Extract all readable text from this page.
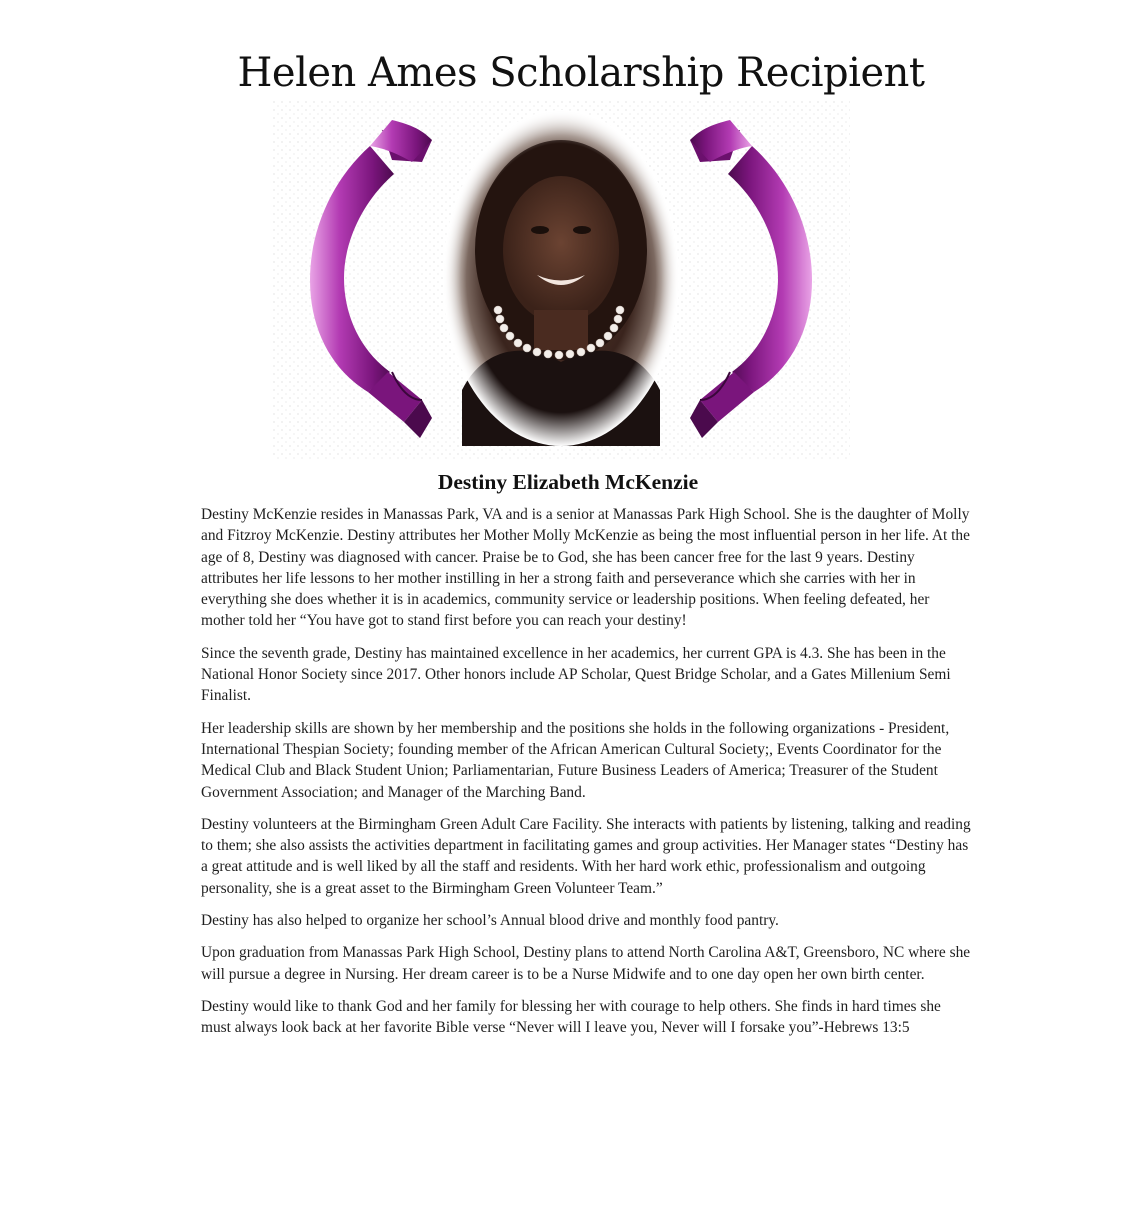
Helen Ames Scholarship Recipient
Destiny Elizabeth McKenzie

Destiny McKenzie resides in Manassas Park, VA and is a senior at Manassas Park High School. She is the daughter of Molly and Fitzroy McKenzie. Destiny attributes her Mother Molly McKenzie as being the most influential person in her life. At the age of 8, Destiny was diagnosed with cancer. Praise be to God, she has been cancer free for the last 9 years. Destiny attributes her life lessons to her mother instilling in her a strong faith and perseverance which she carries with her in everything she does whether it is in academics, community service or leadership positions. When feeling defeated, her mother told her “You have got to stand first before you can reach your destiny!

Since the seventh grade, Destiny has maintained excellence in her academics, her current GPA is 4.3. She has been in the National Honor Society since 2017. Other honors include AP Scholar, Quest Bridge Scholar, and a Gates Millenium Semi Finalist.

Her leadership skills are shown by her membership and the positions she holds in the following organizations - President, International Thespian Society; founding member of the African American Cultural Society;, Events Coordinator for the Medical Club and Black Student Union; Parliamentarian, Future Business Leaders of America; Treasurer of the Student Government Association; and Manager of the Marching Band.

Destiny volunteers at the Birmingham Green Adult Care Facility. She interacts with patients by listening, talking and reading to them; she also assists the activities department in facilitating games and group activities. Her Manager states “Destiny has a great attitude and is well liked by all the staff and residents. With her hard work ethic, professionalism and outgoing personality, she is a great asset to the Birmingham Green Volunteer Team.”

Destiny has also helped to organize her school’s Annual blood drive and monthly food pantry.

Upon graduation from Manassas Park High School, Destiny plans to attend North Carolina A&T, Greensboro, NC where she will pursue a degree in Nursing. Her dream career is to be a Nurse Midwife and to one day open her own birth center.

Destiny would like to thank God and her family for blessing her with courage to help others. She finds in hard times she must always look back at her favorite Bible verse “Never will I leave you, Never will I forsake you”-Hebrews 13:5
